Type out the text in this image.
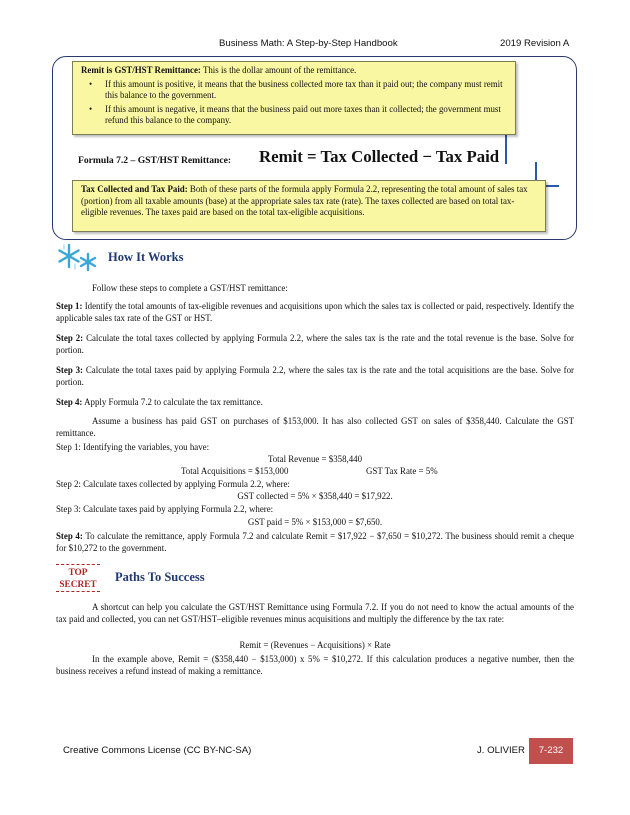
Business Math: A Step-by-Step Handbook	2019 Revision A
Remit is GST/HST Remittance: This is the dollar amount of the remittance.
• If this amount is positive, it means that the business collected more tax than it paid out; the company must remit this balance to the government.
• If this amount is negative, it means that the business paid out more taxes than it collected; the government must refund this balance to the company.
Formula 7.2 – GST/HST Remittance: Remit = Tax Collected − Tax Paid
Tax Collected and Tax Paid: Both of these parts of the formula apply Formula 2.2, representing the total amount of sales tax (portion) from all taxable amounts (base) at the appropriate sales tax rate (rate). The taxes collected are based on total tax-eligible revenues. The taxes paid are based on the total tax-eligible acquisitions.
How It Works
Follow these steps to complete a GST/HST remittance:
Step 1: Identify the total amounts of tax-eligible revenues and acquisitions upon which the sales tax is collected or paid, respectively. Identify the applicable sales tax rate of the GST or HST.
Step 2: Calculate the total taxes collected by applying Formula 2.2, where the sales tax is the rate and the total revenue is the base. Solve for portion.
Step 3: Calculate the total taxes paid by applying Formula 2.2, where the sales tax is the rate and the total acquisitions are the base. Solve for portion.
Step 4: Apply Formula 7.2 to calculate the tax remittance.
Assume a business has paid GST on purchases of $153,000. It has also collected GST on sales of $358,440. Calculate the GST remittance.
Step 1: Identifying the variables, you have:
Total Revenue = $358,440
Total Acquisitions = $153,000	GST Tax Rate = 5%
Step 2: Calculate taxes collected by applying Formula 2.2, where:
GST collected = 5% × $358,440 = $17,922.
Step 3: Calculate taxes paid by applying Formula 2.2, where:
GST paid = 5% × $153,000 = $7,650.
Step 4: To calculate the remittance, apply Formula 7.2 and calculate Remit = $17,922 − $7,650 = $10,272. The business should remit a cheque for $10,272 to the government.
TOP
SECRET
Paths To Success
A shortcut can help you calculate the GST/HST Remittance using Formula 7.2. If you do not need to know the actual amounts of the tax paid and collected, you can net GST/HST–eligible revenues minus acquisitions and multiply the difference by the tax rate:
Remit = (Revenues − Acquisitions) × Rate
In the example above, Remit = ($358,440 − $153,000) x 5% = $10,272. If this calculation produces a negative number, then the business receives a refund instead of making a remittance.
Creative Commons License (CC BY-NC-SA)	J. OLIVIER	7-232
